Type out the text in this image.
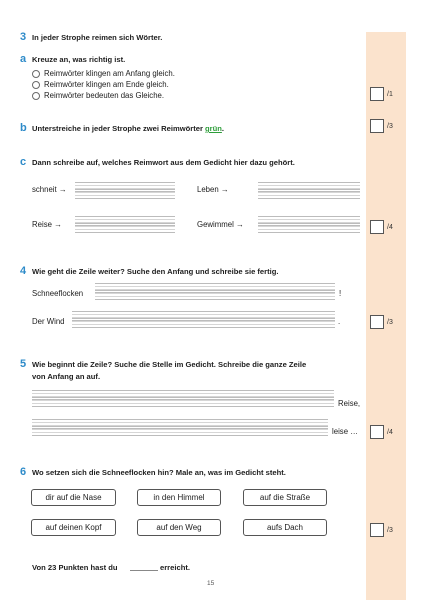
3 In jeder Strophe reimen sich Wörter.
a Kreuze an, was richtig ist.
Reimwörter klingen am Anfang gleich.
Reimwörter klingen am Ende gleich.
Reimwörter bedeuten das Gleiche.	/1
b Unterstreiche in jeder Strophe zwei Reimwörter grün.	/3
c Dann schreibe auf, welches Reimwort aus dem Gedicht hier dazu gehört.
schneit →	Leben →
Reise →	Gewimmel →	/4
4 Wie geht die Zeile weiter? Suche den Anfang und schreibe sie fertig.
Schneeflocken	!
Der Wind	.	/3
5 Wie beginnt die Zeile? Suche die Stelle im Gedicht. Schreibe die ganze Zeile
von Anfang an auf.
Reise,
leise …	/4
6 Wo setzen sich die Schneeflocken hin? Male an, was im Gedicht steht.
dir auf die Nase	in den Himmel	auf die Straße
auf deinen Kopf	auf den Weg	aufs Dach	/3
Von 23 Punkten hast du	erreicht.
15
